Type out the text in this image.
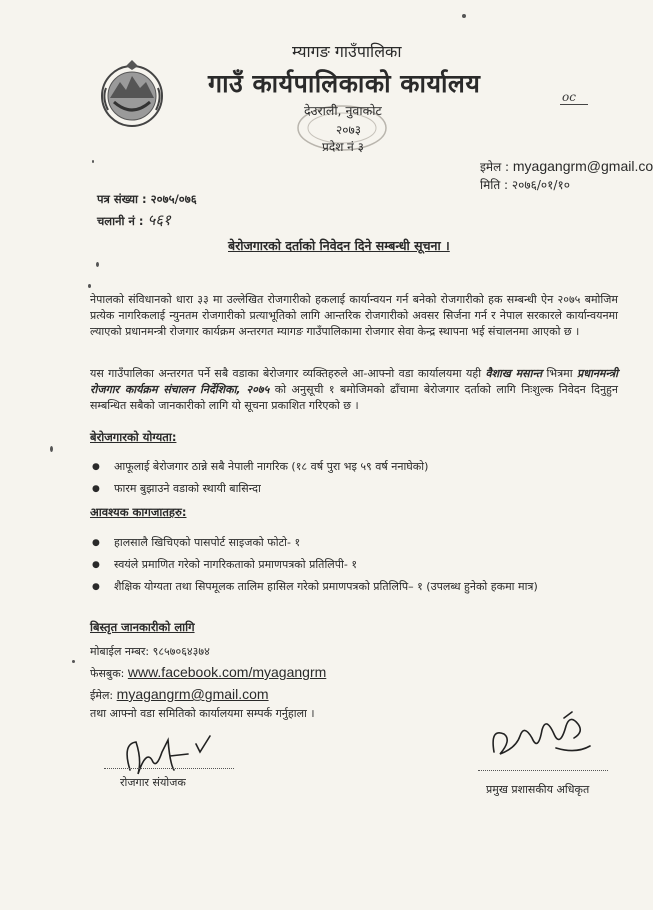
म्यागङ गाउँपालिका
गाउँ कार्यपालिकाको कार्यालय
देउराली, नुवाकोट
२०७३
प्रदेश नं ३
oc
इमेल : myagangrm@gmail.co
मिति : २०७६/०१/१०
पत्र संख्या : २०७५/०७६
चलानी नं : ५६१
बेरोजगारको दर्ताको निवेदन दिने सम्बन्धी सूचना ।
नेपालको संविधानको धारा ३३ मा उल्लेखित रोजगारीको हकलाई कार्यान्वयन गर्न बनेको रोजगारीको हक सम्बन्धी ऐन २०७५ बमोजिम प्रत्येक नागरिकलाई न्युनतम रोजगारीको प्रत्याभूतिको लागि आन्तरिक रोजगारीको अवसर सिर्जना गर्न र नेपाल सरकारले कार्यान्वयनमा ल्याएको प्रधानमन्त्री रोजगार कार्यक्रम अन्तरगत म्यागङ गाउँपालिकामा रोजगार सेवा केन्द्र स्थापना भई संचालनमा आएको छ ।
यस गाउँपालिका अन्तरगत पर्ने सबै वडाका बेरोजगार व्यक्तिहरुले आ-आफ्नो वडा कार्यालयमा यही वैशाख मसान्त भित्रमा प्रधानमन्त्री रोजगार कार्यक्रम संचालन निर्देशिका, २०७५ को अनुसूची १ बमोजिमको ढाँचामा बेरोजगार दर्ताको लागि निःशुल्क निवेदन दिनुहुन सम्बन्धित सबैको जानकारीको लागि यो सूचना प्रकाशित गरिएको छ ।
बेरोजगारको योग्यता:
● आफूलाई बेरोजगार ठान्ने सबै नेपाली नागरिक (१८ वर्ष पुरा भइ ५९ वर्ष ननाघेको)
● फारम बुझाउने वडाको स्थायी बासिन्दा
आवश्यक कागजातहरु:
● हालसालै खिचिएको पासपोर्ट साइजको फोटो- १
● स्वयंले प्रमाणित गरेको नागरिकताको प्रमाणपत्रको प्रतिलिपी- १
● शैक्षिक योग्यता तथा सिपमूलक तालिम हासिल गरेको प्रमाणपत्रको प्रतिलिपि– १ (उपलब्ध हुनेको हकमा मात्र)
बिस्तृत जानकारीको लागि
मोबाईल नम्बर: ९८५७०६४३७४
फेसबुक: www.facebook.com/myagangrm
ईमेल: myagangrm@gmail.com
तथा आफ्नो वडा समितिको कार्यालयमा सम्पर्क गर्नुहाला ।
रोजगार संयोजक
प्रमुख प्रशासकीय अधिकृत
